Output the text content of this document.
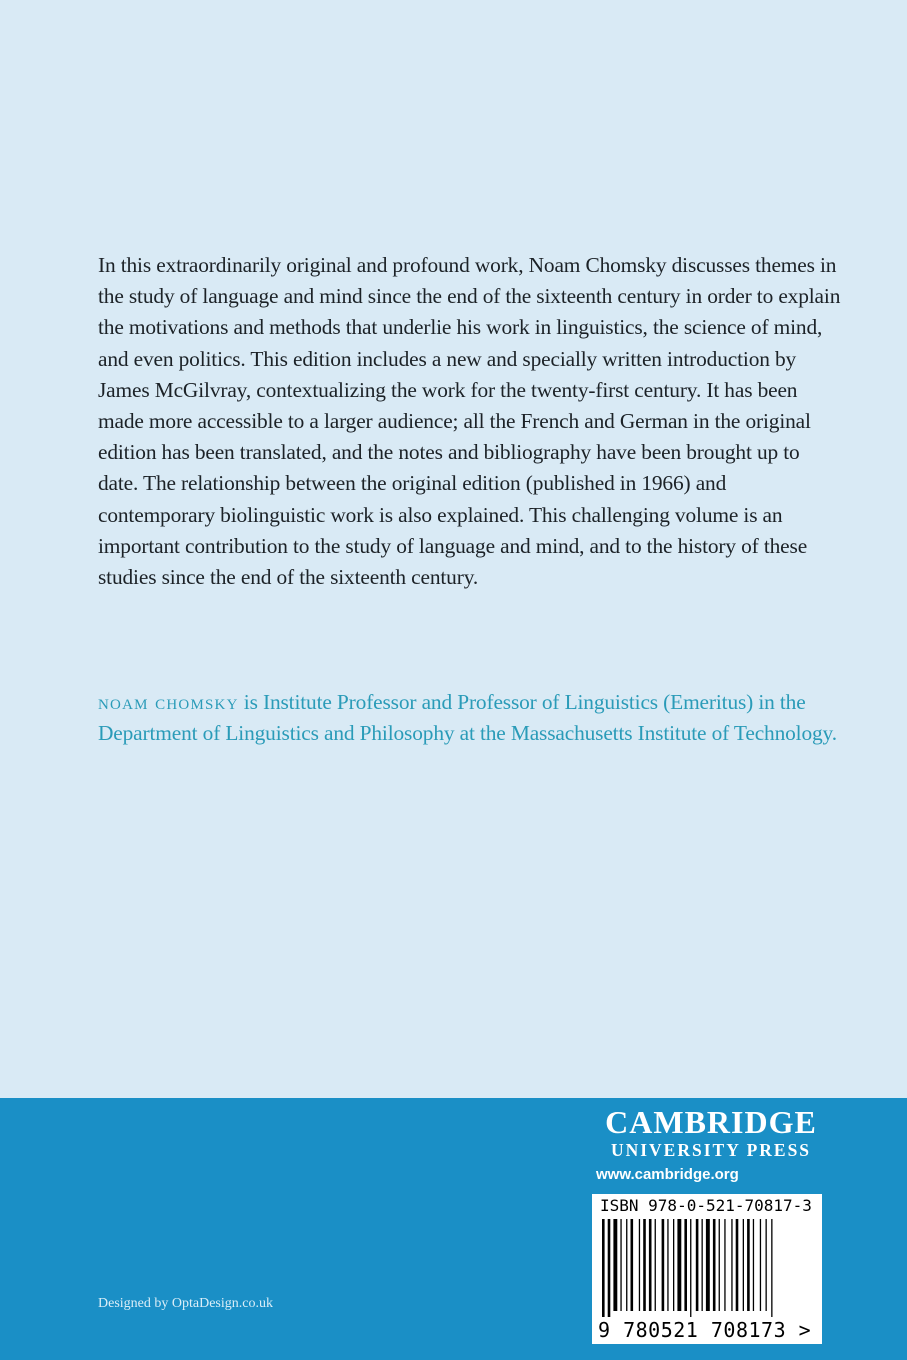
In this extraordinarily original and profound work, Noam Chomsky discusses themes in the study of language and mind since the end of the sixteenth century in order to explain the motivations and methods that underlie his work in linguistics, the science of mind, and even politics. This edition includes a new and specially written introduction by James McGilvray, contextualizing the work for the twenty-first century. It has been made more accessible to a larger audience; all the French and German in the original edition has been translated, and the notes and bibliography have been brought up to date. The relationship between the original edition (published in 1966) and contemporary biolinguistic work is also explained. This challenging volume is an important contribution to the study of language and mind, and to the history of these studies since the end of the sixteenth century.

noam chomsky is Institute Professor and Professor of Linguistics (Emeritus) in the Department of Linguistics and Philosophy at the Massachusetts Institute of Technology.

Designed by OptaDesign.co.uk
CAMBRIDGE
UNIVERSITY PRESS
www.cambridge.org
ISBN 978-0-521-70817-3
9 780521 708173 >
